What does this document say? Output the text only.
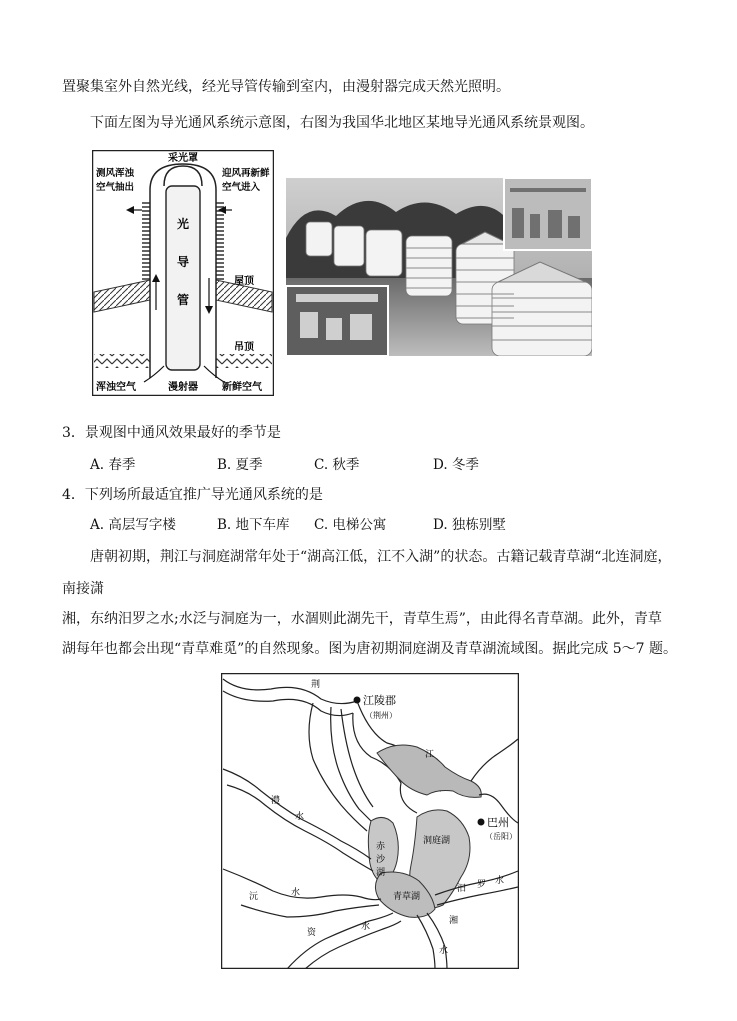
置聚集室外自然光线，经光导管传输到室内，由漫射器完成天然光照明。
下面左图为导光通风系统示意图，右图为我国华北地区某地导光通风系统景观图。
采光罩
测风浑浊
空气抽出
迎风再新鲜
空气进入
光
导
管
屋顶
吊顶
浑浊空气	漫射器 新鲜空气
3．景观图中通风效果最好的季节是
A. 春季	B. 夏季	C. 秋季	D. 冬季
4．下列场所最适宜推广导光通风系统的是
A. 高层写字楼	B. 地下车库 C. 电梯公寓	D. 独栋别墅
唐朝初期，荆江与洞庭湖常年处于“湖高江低，江不入湖”的状态。古籍记载青草湖“北连洞庭，
南接潇
湘，东纳汨罗之水;水泛与洞庭为一，水涸则此湖先干，青草生焉”，由此得名青草湖。此外，青草
湖每年也都会出现“青草难觅”的自然现象。图为唐初期洞庭湖及青草湖流域图。据此完成 5～7 题。
荆
江陵郡
（荆州）
江
巴州
（岳阳）
澧
水
赤
沙
湖
洞庭湖
沅	水	青草湖
汨 罗 水
资
水
湘
水
